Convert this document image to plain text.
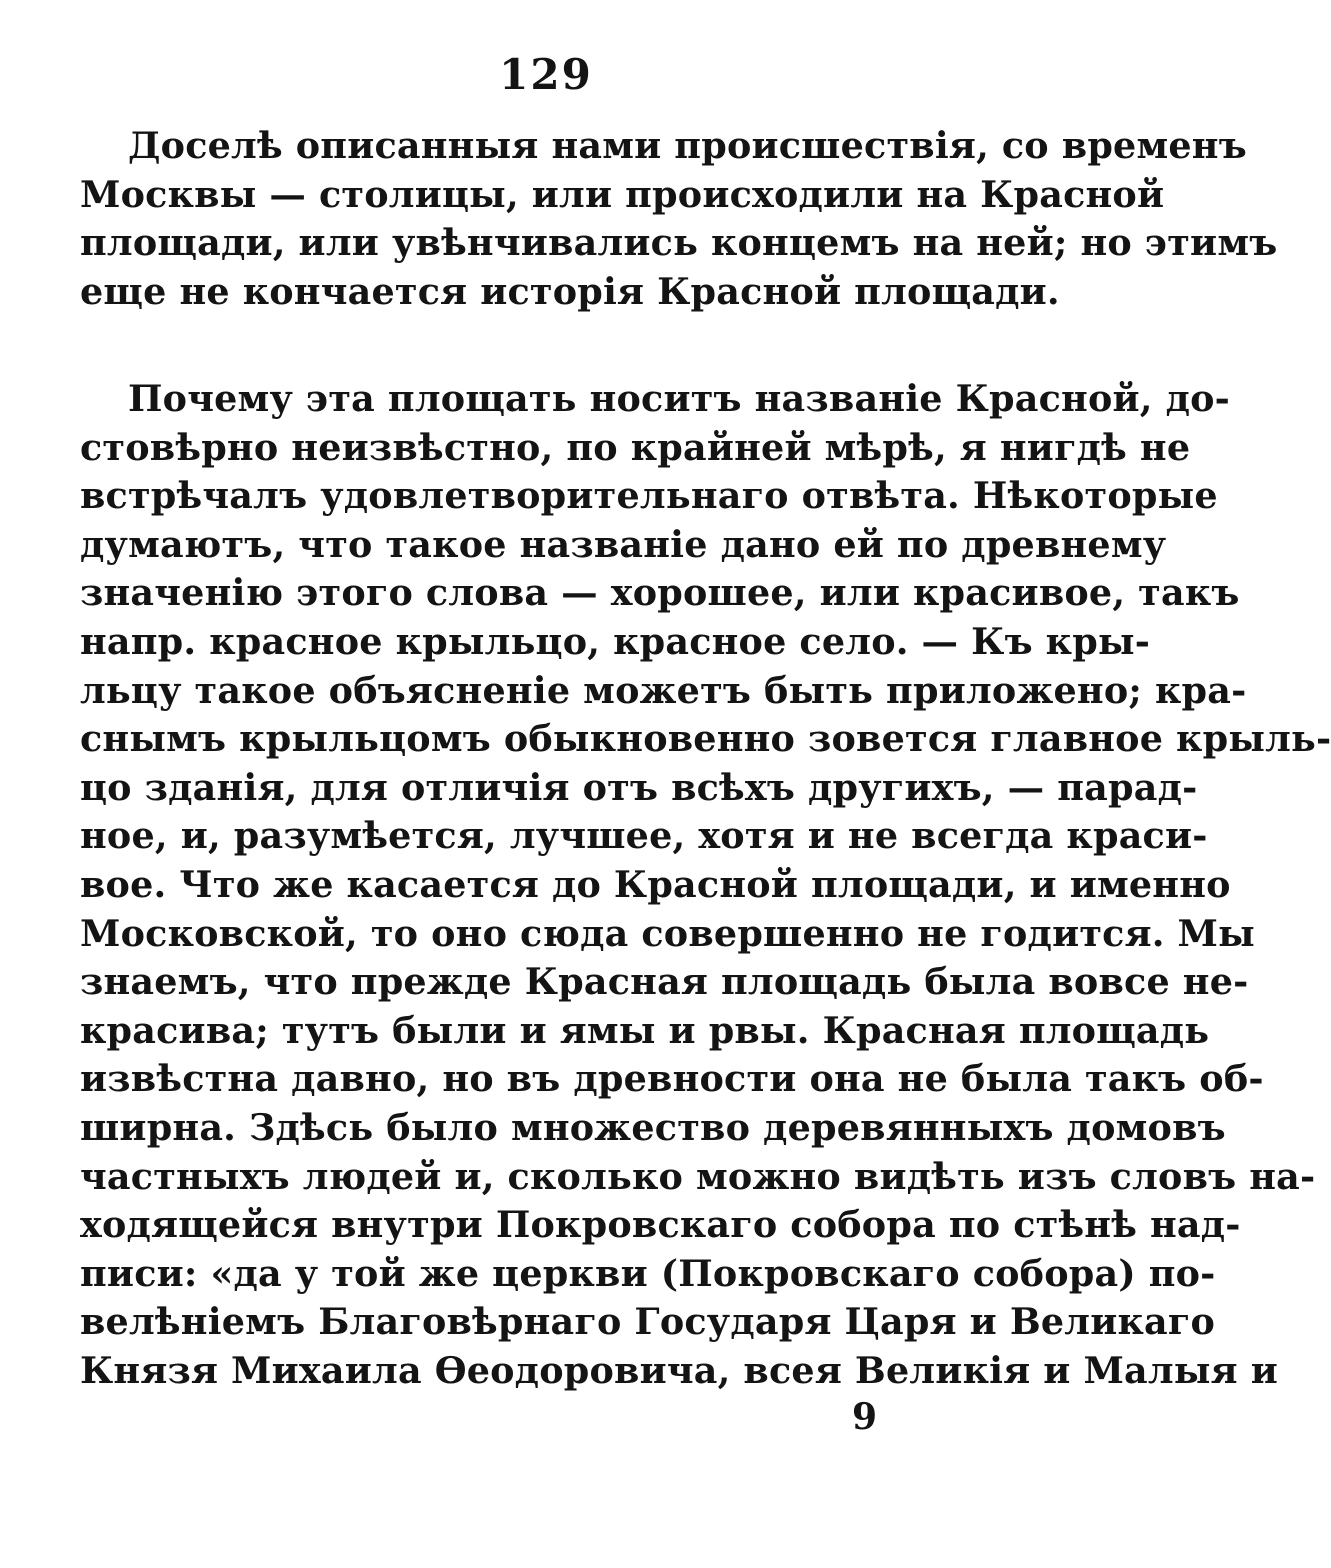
129
Доселѣ описанныя нами происшествія, со временъ
Москвы — столицы, или происходили на Красной
площади, или увѣнчивались концемъ на ней; но этимъ
еще не кончается исторія Красной площади.
Почему эта площать носитъ названіе Красной, до-
стовѣрно неизвѣстно, по крайней мѣрѣ, я нигдѣ не
встрѣчалъ удовлетворительнаго отвѣта. Нѣкоторые
думаютъ, что такое названіе дано ей по древнему
значенію этого слова — хорошее, или красивое, такъ
напр. красное крыльцо, красное село. — Къ кры-
льцу такое объясненіе можетъ быть приложено; кра-
снымъ крыльцомъ обыкновенно зовется главное крыль-
цо зданія, для отличія отъ всѣхъ другихъ, — парад-
ное, и, разумѣется, лучшее, хотя и не всегда краси-
вое. Что же касается до Красной площади, и именно
Московской, то оно сюда совершенно не годится. Мы
знаемъ, что прежде Красная площадь была вовсе не-
красива; тутъ были и ямы и рвы. Красная площадь
извѣстна давно, но въ древности она не была такъ об-
ширна. Здѣсь было множество деревянныхъ домовъ
частныхъ людей и, сколько можно видѣть изъ словъ на-
ходящейся внутри Покровскаго собора по стѣнѣ над-
писи: «да у той же церкви (Покровскаго собора) по-
велѣніемъ Благовѣрнаго Государя Царя и Великаго
Князя Михаила Ѳеодоровича, всея Великія и Малыя и
9
